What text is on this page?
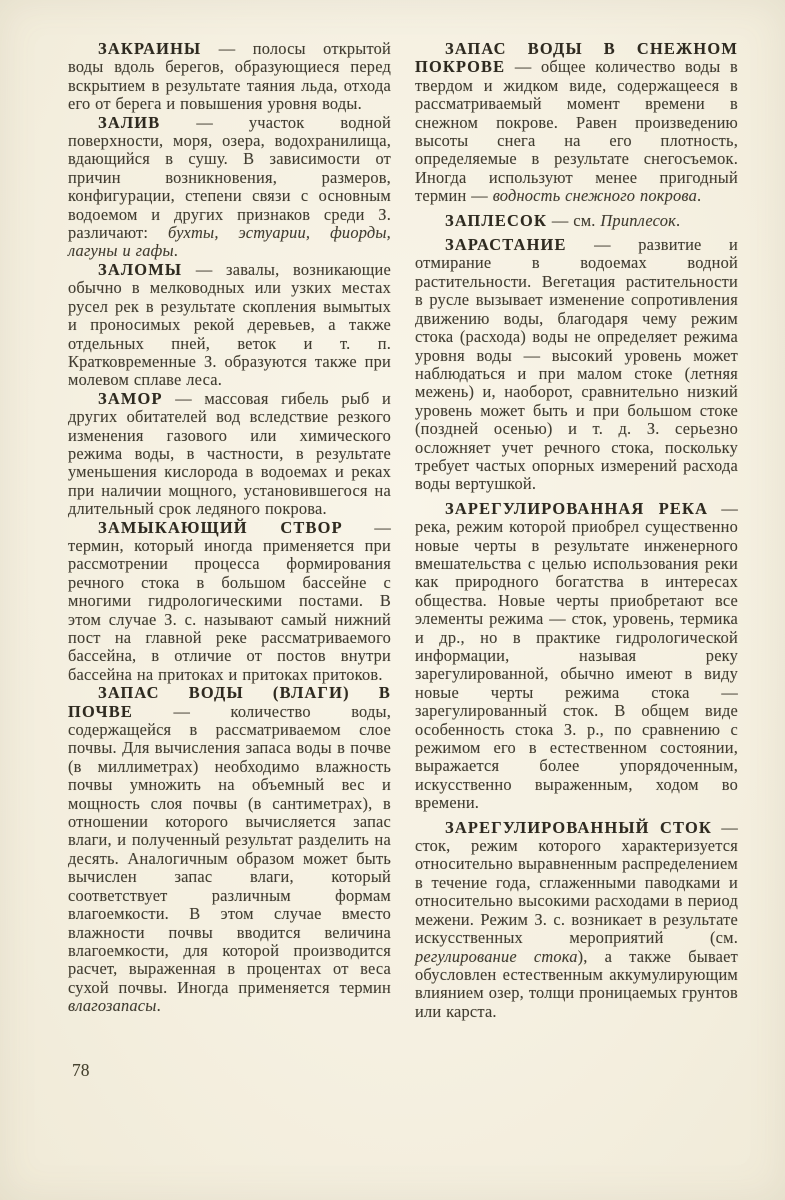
ЗАКРАИНЫ — полосы открытой воды вдоль берегов, образующиеся перед вскрытием в результате таяния льда, отхода его от берега и повышения уровня воды.

ЗАЛИВ — участок водной поверхности, моря, озера, водохранилища, вдающийся в сушу. В зависимости от причин возникновения, размеров, конфигурации, степени связи с основным водоемом и других признаков среди З. различают: бухты, эстуарии, фиорды, лагуны и гафы.

ЗАЛОМЫ — завалы, возникающие обычно в мелководных или узких местах русел рек в результате скопления вымытых и проносимых рекой деревьев, а также отдельных пней, веток и т. п. Кратковременные З. образуются также при молевом сплаве леса.

ЗАМОР — массовая гибель рыб и других обитателей вод вследствие резкого изменения газового или химического режима воды, в частности, в результате уменьшения кислорода в водоемах и реках при наличии мощного, установившегося на длительный срок ледяного покрова.

ЗАМЫКАЮЩИЙ СТВОР — термин, который иногда применяется при рассмотрении процесса формирования речного стока в большом бассейне с многими гидрологическими постами. В этом случае З. с. называют самый нижний пост на главной реке рассматриваемого бассейна, в отличие от постов внутри бассейна на притоках и притоках притоков.

ЗАПАС ВОДЫ (ВЛАГИ) В ПОЧВЕ — количество воды, содержащейся в рассматриваемом слое почвы. Для вычисления запаса воды в почве (в миллиметрах) необходимо влажность почвы умножить на объемный вес и мощность слоя почвы (в сантиметрах), в отношении которого вычисляется запас влаги, и полученный результат разделить на десять. Аналогичным образом может быть вычислен запас влаги, который соответствует различным формам влагоемкости. В этом случае вместо влажности почвы вводится величина влагоемкости, для которой производится расчет, выраженная в процентах от веса сухой почвы. Иногда применяется термин влагозапасы.

ЗАПАС ВОДЫ В СНЕЖНОМ ПОКРОВЕ — общее количество воды в твердом и жидком виде, содержащееся в рассматриваемый момент времени в снежном покрове. Равен произведению высоты снега на его плотность, определяемые в результате снегосъемок. Иногда используют менее пригодный термин — водность снежного покрова.

ЗАПЛЕСОК — см. Приплесок.

ЗАРАСТАНИЕ — развитие и отмирание в водоемах водной растительности. Вегетация растительности в русле вызывает изменение сопротивления движению воды, благодаря чему режим стока (расхода) воды не определяет режима уровня воды — высокий уровень может наблюдаться и при малом стоке (летняя межень) и, наоборот, сравнительно низкий уровень может быть и при большом стоке (поздней осенью) и т. д. З. серьезно осложняет учет речного стока, поскольку требует частых опорных измерений расхода воды вертушкой.

ЗАРЕГУЛИРОВАННАЯ РЕКА — река, режим которой приобрел существенно новые черты в результате инженерного вмешательства с целью использования реки как природного богатства в интересах общества. Новые черты приобретают все элементы режима — сток, уровень, термика и др., но в практике гидрологической информации, называя реку зарегулированной, обычно имеют в виду новые черты режима стока — зарегулированный сток. В общем виде особенность стока З. р., по сравнению с режимом его в естественном состоянии, выражается более упорядоченным, искусственно выраженным, ходом во времени.

ЗАРЕГУЛИРОВАННЫЙ СТОК — сток, режим которого характеризуется относительно выравненным распределением в течение года, сглаженными паводками и относительно высокими расходами в период межени. Режим З. с. возникает в результате искусственных мероприятий (см. регулирование стока), а также бывает обусловлен естественным аккумулирующим влиянием озер, толщи проницаемых грунтов или карста.

78
